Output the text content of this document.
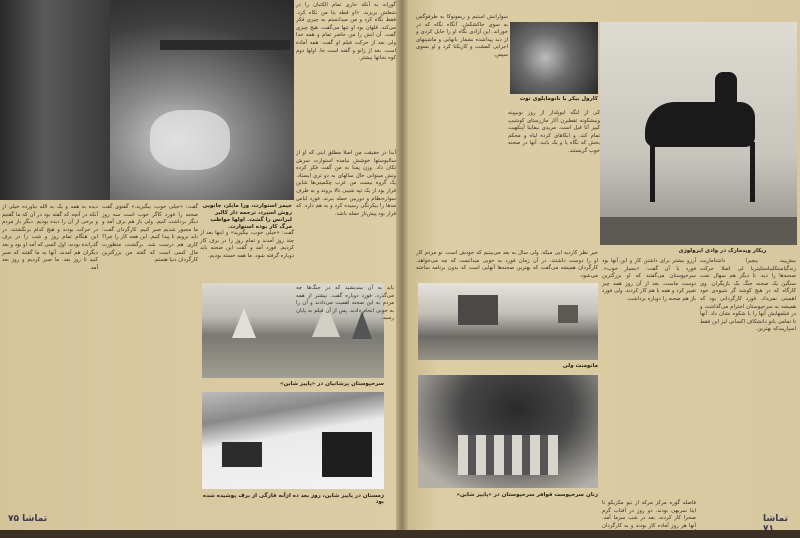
گوراند به آنکه حاری تمام الکتبان را در شعلش بریزند. «او قطه بنا من نکاه کرد. فقط نگاه کرد و من میدانستم به چیزی فکر می‌کند. قلهان بود او تنها می‌گفت. هیچ چیزی گفت. آن ایش را من حاضر تمام و همه خدا ولی بعد از حرکت فیلم او گفت. همه آماده است. بعد از زانو و گفته است جا. اولها دوم کوه نجاتها بیشتر.
آیدا در حقیقت من اصلا مطلق اینی که او از سالیوستها خوشش نیامده استوارت سرش تکان داد. وزن پمنا به من گفت فکر کرده ونش مینوانی خال سالهای به دو تری ایستاد. یک گروه بیست من عرب چکمینی‌ها شاین قرار بود از یک تپه شیبی بالا بروند و به طرف سواره‌نظام و دوربین حمله ببرند. فورد لباس مدها را بیکرنگی رسیده کرد و به هم دارد. که قرار بود پیش‌تاز حمله باشد.
جیمز استوارت، ورا مایلز، جانویی روش اسپرد، ترجمه دار کالیر لیرانس را گشت. اولها مواظب مرگ کار بوده استوارت.
دیده به همه و یک به الله نیاورده خیلی از آنکه در آنچه که گفته بود در آن که ما گفتیم و برخی از آن را دیده بودیم. دیگر بار مردم در حرکت بودند و هیچ کدام برنگشتند. در این هنگام تمام روز و شب را در برف گذرانده بودند. اول کسی که آمد او بود و بعد دیگران هم آمدند. آنها به ما گفتند که صبر کنید تا روز بعد. ما صبر کردیم و روز بعد آمد.
گفت: «خیلی خوب، بیگیرید.» گفتوی گفت صحنه را فورد کاگر خوب است سه روز دیگر برداشت کنیم. ولی باز هم برف آمد و ما مجبور شدیم صبر کنیم. کارگردان گفت: باید برویم تا پیدا کنیم. این همه کار را چرا؟ کاری هم درست شد. برگشت، منظورت مال کسی است که گفته من بزرگترین کارگردان دنیا هستم.
گفت: «خیلی خوب، بیگیرید» و اینها بعد از چند روز آمدند و تمام روز را در برف کار کردیم. فورد آمد و گفت این صحنه باید دوباره گرفته شود. ما همه خسته بودیم.
سرخپوستان پرشانیان در «پاییز شاین»
زمستان در پاییز شاین، روز بعد ده ازآنه فارگی از برف پوشیده شده بود
باید به آن بیندیشید که در جنگ‌ها چه می‌گذرد. فورد دوباره گفت. بیشتر از همه مردم به این صحنه اهمیت می‌دادند و آن را به خوبی انجام دادند. پس از آن فیلم به پایان رسید.
۷۵ تماشا
سوارانش استیم و ریمونوکا به طرفوگس به سوی جاکشکش. آنگاه نگاه که در خوراند. این آزادی نگاه او را جایل کردی و از دید پیداشده بشمار بانهایی و ماشینهای اجرایی کمشت و کاریکتا کرد و او بسوی سپس.
کارول بیکر با ناتومایلوی توت
کی از لنگه لیوپلدار از روز نوبیپپنه ویبشکونه تقطیرن آثار مازرستای کوشیپ کبیر آتا قبل است. مریدی بیفاینا آپنکهیت تمام کند. و ابکاهای کرده لیاه و محکم بخش که نگاه یا و یک بانید. آنها در صحنه خوب گریستند.
ریکار ویدمارک در وادی ایزولوژی
خیر نظر کاردیه ایی میکه. ولی سال به بعد می‌بینیم که خودش است. تو مردم کار او را دوست داشتند. در آن زمان فورد به خوبی میدانست که چه می‌خواهد. کارگردان همیشه می‌گفت که بهترین صحنه‌ها آنهایی است که بدون برنامه ساخته می‌شود.
مانومنت ولی
زنان سرخپوست قوافر سرخپوستان در «پاییز شاین»
آرزو بیشتر برای داشتن کار و این آنها بود فورد با آن گفت: «بسیار خوب». سرخپوستان می‌گفتند که او بزرگترین دوست ماست. بعد از آن روز همه چیز تغییر کرد و همه با هم کار کردند. ولی فورد باز هم صحنه را دوباره برداشت.
بیش‌یید. بیچیرا داشتاماریت زندگیاستکلیباستلینریا لی اصلا حرکت صحنه‌ها را دید. تا دیگر هم سهال تمت سنگین یک صحنه جنگ یک بازیگران. وی کارگاه که در هیچ کوشه گز شیوه‌ی خود اهمیتی نمی‌داد. فورد کارگردانی بود که همیشه به سرخپوستان احترام می‌گذاشت و در فیلمهایش آنها را با شکوه نشان داد. آنها تا تمامی بانو دانشکاف اکسانی لیز این فقط اسپاریبدکه بهترین.
فاصله گوره مرکز مرکه از نیو مکزیکو تا ایتا سربهی بودند. دو روز در آفتاب گرم صحرا کار کردند. بعد در شب سرما آمد. آنها هر روز آماده کار بودند و به کارگردان گوش می‌دادند.
تماشا ۷۱
